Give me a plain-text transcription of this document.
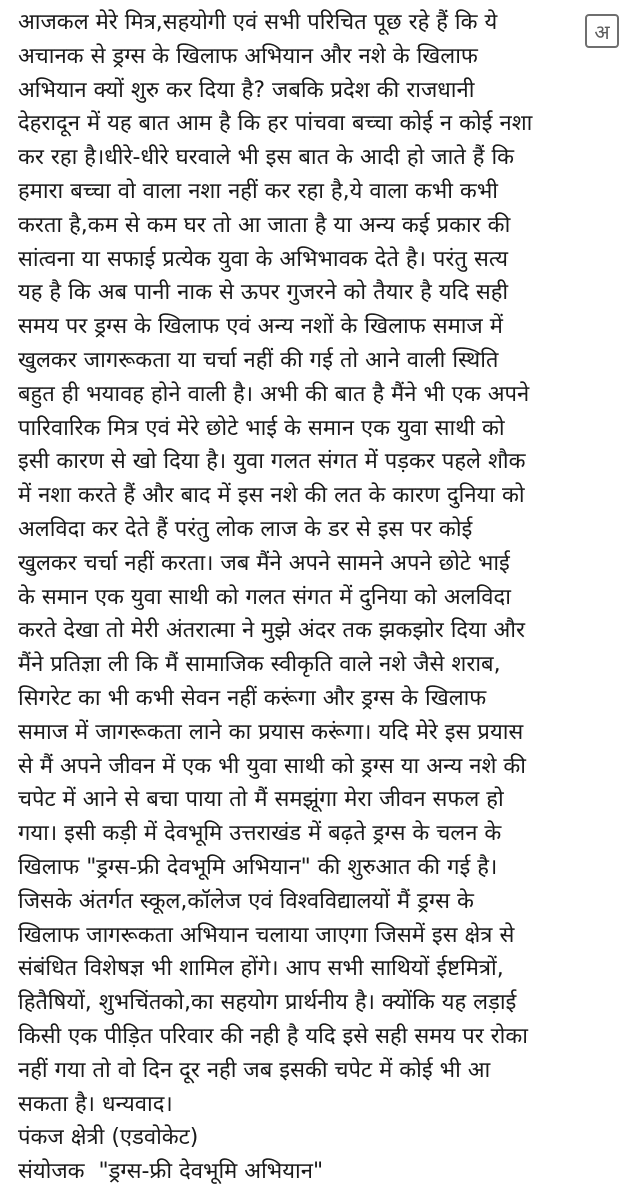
आजकल मेरे मित्र,सहयोगी एवं सभी परिचित पूछ रहे हैं कि ये
अचानक से ड्रग्स के खिलाफ अभियान और नशे के खिलाफ
अभियान क्यों शुरु कर दिया है? जबकि प्रदेश की राजधानी
देहरादून में यह बात आम है कि हर पांचवा बच्चा कोई न कोई नशा
कर रहा है।धीरे-धीरे घरवाले भी इस बात के आदी हो जाते हैं कि
हमारा बच्चा वो वाला नशा नहीं कर रहा है,ये वाला कभी कभी
करता है,कम से कम घर तो आ जाता है या अन्य कई प्रकार की
सांत्वना या सफाई प्रत्येक युवा के अभिभावक देते है। परंतु सत्य
यह है कि अब पानी नाक से ऊपर गुजरने को तैयार है यदि सही
समय पर ड्रग्स के खिलाफ एवं अन्य नशों के खिलाफ समाज में
खुलकर जागरूकता या चर्चा नहीं की गई तो आने वाली स्थिति
बहुत ही भयावह होने वाली है। अभी की बात है मैंने भी एक अपने
पारिवारिक मित्र एवं मेरे छोटे भाई के समान एक युवा साथी को
इसी कारण से खो दिया है। युवा गलत संगत में पड़कर पहले शौक
में नशा करते हैं और बाद में इस नशे की लत के कारण दुनिया को
अलविदा कर देते हैं परंतु लोक लाज के डर से इस पर कोई
खुलकर चर्चा नहीं करता। जब मैंने अपने सामने अपने छोटे भाई
के समान एक युवा साथी को गलत संगत में दुनिया को अलविदा
करते देखा तो मेरी अंतरात्मा ने मुझे अंदर तक झकझोर दिया और
मैंने प्रतिज्ञा ली कि मैं सामाजिक स्वीकृति वाले नशे जैसे शराब,
सिगरेट का भी कभी सेवन नहीं करूंगा और ड्रग्स के खिलाफ
समाज में जागरूकता लाने का प्रयास करूंगा। यदि मेरे इस प्रयास
से मैं अपने जीवन में एक भी युवा साथी को ड्रग्स या अन्य नशे की
चपेट में आने से बचा पाया तो मैं समझूंगा मेरा जीवन सफल हो
गया। इसी कड़ी में देवभूमि उत्तराखंड में बढ़ते ड्रग्स के चलन के
खिलाफ "ड्रग्स-फ्री देवभूमि अभियान" की शुरुआत की गई है।
जिसके अंतर्गत स्कूल,कॉलेज एवं विश्वविद्यालयों मैं ड्रग्स के
खिलाफ जागरूकता अभियान चलाया जाएगा जिसमें इस क्षेत्र से
संबंधित विशेषज्ञ भी शामिल होंगे। आप सभी साथियों ईष्टमित्रों,
हितैषियों, शुभचिंतको,का सहयोग प्रार्थनीय है। क्योंकि यह लड़ाई
किसी एक पीड़ित परिवार की नही है यदि इसे सही समय पर रोका
नहीं गया तो वो दिन दूर नही जब इसकी चपेट में कोई भी आ
सकता है। धन्यवाद।
पंकज क्षेत्री (एडवोकेट)
संयोजक  "ड्रग्स-फ्री देवभूमि अभियान"
अ
